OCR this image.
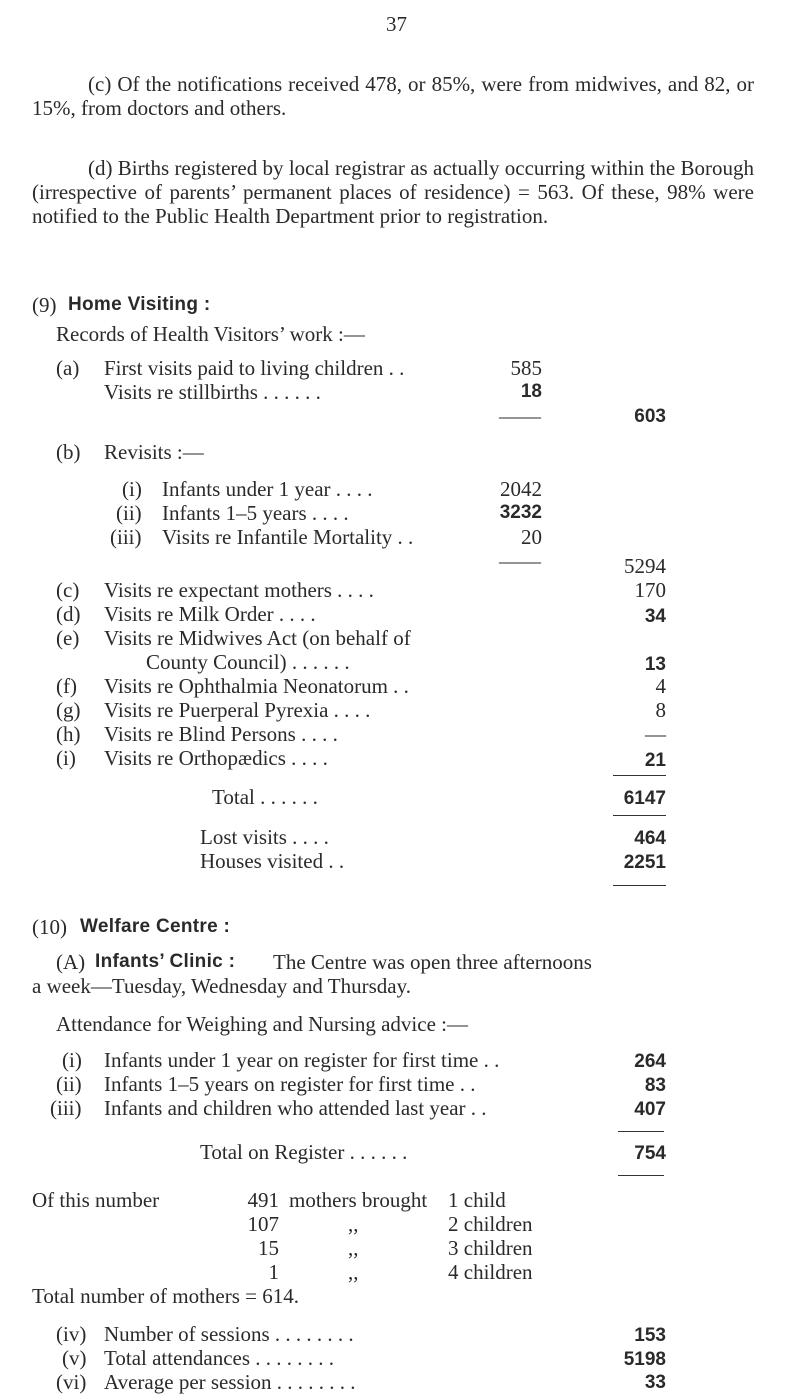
37
(c) Of the notifications received 478, or 85%, were from midwives, and 82, or 15%, from doctors and others.
(d) Births registered by local registrar as actually occurring within the Borough (irrespective of parents’ permanent places of residence) = 563. Of these, 98% were notified to the Public Health Department prior to registration.
(9) Home Visiting :
Records of Health Visitors’ work :—
(a) First visits paid to living children . .	585
Visits re stillbirths . . . . . .	18
——	603
(b) Revisits :—
(i) Infants under 1 year . . . .	2042
(ii) Infants 1–5 years . . . .	3232
(iii) Visits re Infantile Mortality . .	20
——	5294
(c) Visits re expectant mothers . . . .	170
(d) Visits re Milk Order . . . .	34
(e) Visits re Midwives Act (on behalf of
County Council) . . . . . .	13
(f) Visits re Ophthalmia Neonatorum . .	4
(g) Visits re Puerperal Pyrexia . . . .	8
(h) Visits re Blind Persons . . . .	—
(i) Visits re Orthopædics . . . .	21
Total . . . . . .	6147
Lost visits . . . .	464
Houses visited . .	2251
(10) Welfare Centre :
(A) Infants’ Clinic : The Centre was open three afternoons
a week—Tuesday, Wednesday and Thursday.
Attendance for Weighing and Nursing advice :—
(i) Infants under 1 year on register for first time . .	264
(ii) Infants 1–5 years on register for first time . .	83
(iii) Infants and children who attended last year . .	407
Total on Register . . . . . .	754
Of this number	491 mothers brought 1 child
107	,,	2 children
15	,,	3 children
1	,,	4 children
Total number of mothers = 614.
(iv) Number of sessions . . . . . . . .	153
(v) Total attendances . . . . . . . .	5198
(vi) Average per session . . . . . . . .	33
